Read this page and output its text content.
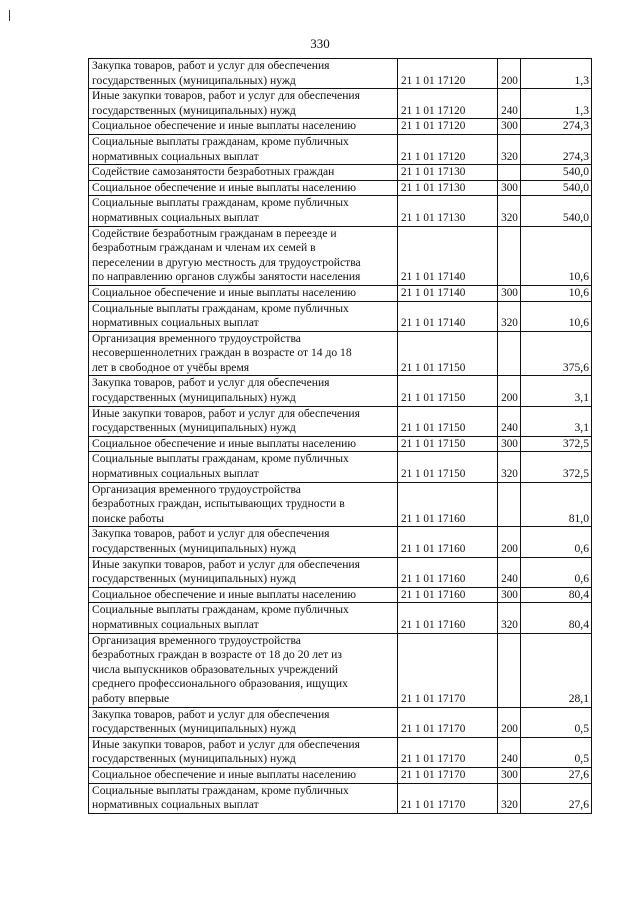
330
Закупка товаров, работ и услуг для обеспечения
государственных (муниципальных) нужд	21 1 01 17120	200	1,3
Иные закупки товаров, работ и услуг для обеспечения
государственных (муниципальных) нужд	21 1 01 17120	240	1,3
Социальное обеспечение и иные выплаты населению	21 1 01 17120	300	274,3
Социальные выплаты гражданам, кроме публичных
нормативных социальных выплат	21 1 01 17120	320	274,3
Содействие самозанятости безработных граждан	21 1 01 17130		540,0
Социальное обеспечение и иные выплаты населению	21 1 01 17130	300	540,0
Социальные выплаты гражданам, кроме публичных
нормативных социальных выплат	21 1 01 17130	320	540,0
Содействие безработным гражданам в переезде и
безработным гражданам и членам их семей в
переселении в другую местность для трудоустройства
по направлению органов службы занятости населения	21 1 01 17140		10,6
Социальное обеспечение и иные выплаты населению	21 1 01 17140	300	10,6
Социальные выплаты гражданам, кроме публичных
нормативных социальных выплат	21 1 01 17140	320	10,6
Организация временного трудоустройства
несовершеннолетних граждан в возрасте от 14 до 18
лет в свободное от учёбы время	21 1 01 17150		375,6
Закупка товаров, работ и услуг для обеспечения
государственных (муниципальных) нужд	21 1 01 17150	200	3,1
Иные закупки товаров, работ и услуг для обеспечения
государственных (муниципальных) нужд	21 1 01 17150	240	3,1
Социальное обеспечение и иные выплаты населению	21 1 01 17150	300	372,5
Социальные выплаты гражданам, кроме публичных
нормативных социальных выплат	21 1 01 17150	320	372,5
Организация временного трудоустройства
безработных граждан, испытывающих трудности в
поиске работы	21 1 01 17160		81,0
Закупка товаров, работ и услуг для обеспечения
государственных (муниципальных) нужд	21 1 01 17160	200	0,6
Иные закупки товаров, работ и услуг для обеспечения
государственных (муниципальных) нужд	21 1 01 17160	240	0,6
Социальное обеспечение и иные выплаты населению	21 1 01 17160	300	80,4
Социальные выплаты гражданам, кроме публичных
нормативных социальных выплат	21 1 01 17160	320	80,4
Организация временного трудоустройства
безработных граждан в возрасте от 18 до 20 лет из
числа выпускников образовательных учреждений
среднего профессионального образования, ищущих
работу впервые	21 1 01 17170		28,1
Закупка товаров, работ и услуг для обеспечения
государственных (муниципальных) нужд	21 1 01 17170	200	0,5
Иные закупки товаров, работ и услуг для обеспечения
государственных (муниципальных) нужд	21 1 01 17170	240	0,5
Социальное обеспечение и иные выплаты населению	21 1 01 17170	300	27,6
Социальные выплаты гражданам, кроме публичных
нормативных социальных выплат	21 1 01 17170	320	27,6
